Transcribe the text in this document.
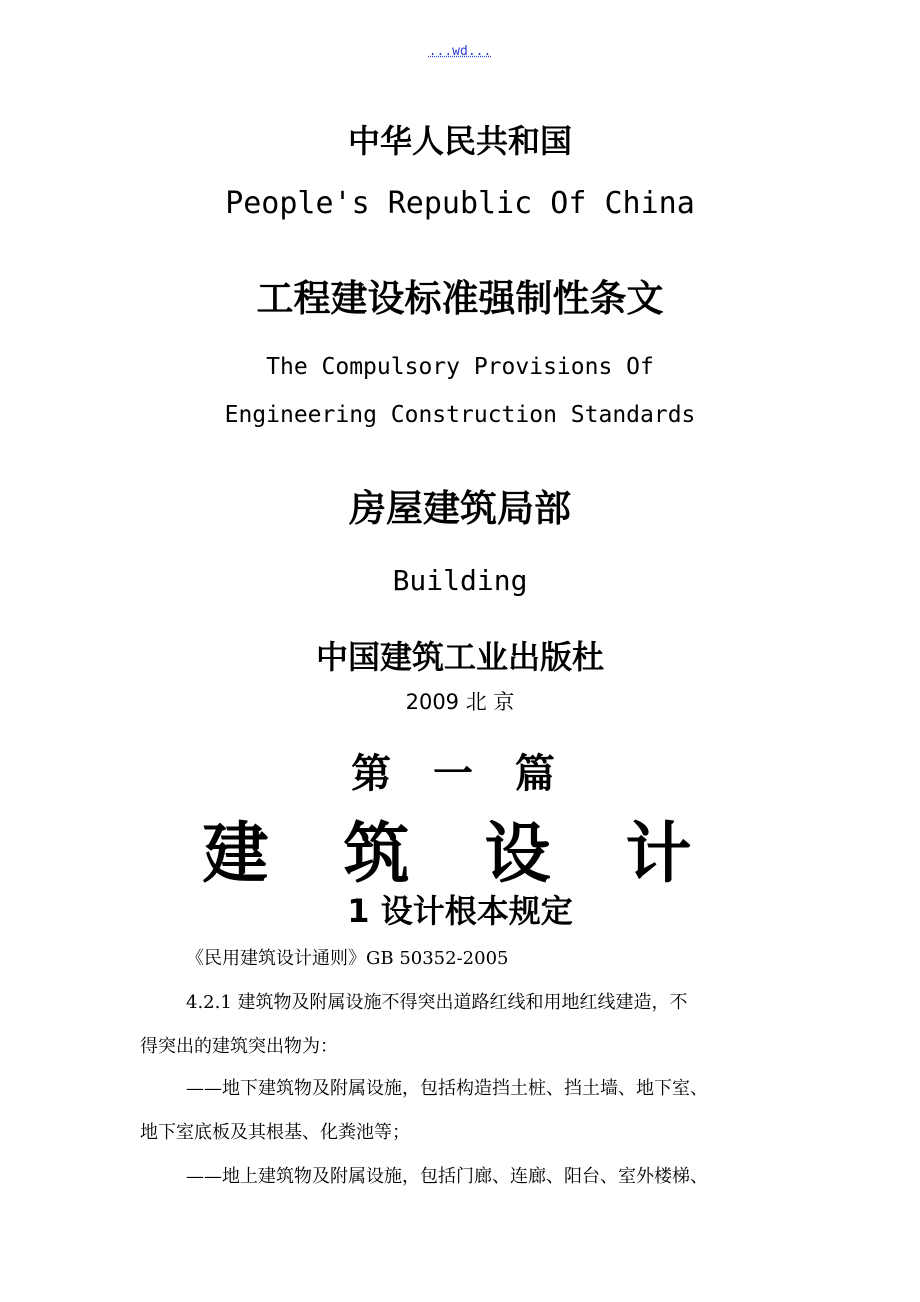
...wd...
中华人民共和国
People's Republic Of China
工程建设标准强制性条文
The Compulsory Provisions Of
Engineering Construction Standards
房屋建筑局部
Building
中国建筑工业出版杜
2009 北 京
第 一 篇
建 筑 设 计
1 设计根本规定
《民用建筑设计通则》GB 50352-2005
4.2.1 建筑物及附属设施不得突出道路红线和用地红线建造，不
得突出的建筑突出物为：
——地下建筑物及附属设施，包括构造挡土桩、挡土墙、地下室、
地下室底板及其根基、化粪池等；
——地上建筑物及附属设施，包括门廊、连廊、阳台、室外楼梯、
